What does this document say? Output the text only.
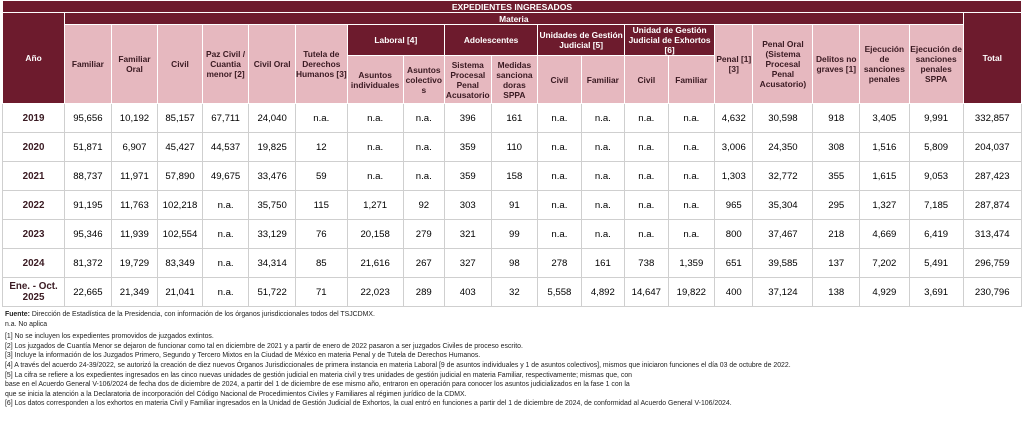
EXPEDIENTES INGRESADOS																				
Año	Materia																			Total
	Familiar	Familiar Oral	Civil	Paz Civil / Cuantia menor [2]	Civil Oral	Tutela de Derechos Humanos [3]	Laboral [4]		Adolescentes		Unidades de Gestión Judicial [5]		Unidad de Gestión Judicial de Exhortos [6]		Penal [1][3]	Penal Oral (Sistema Procesal Penal Acusatorio)	Delitos no graves [1]	Ejecución de sanciones penales	Ejecución de sanciones penales SPPA	
							Asuntos individuales	Asuntos colectivo s	Sistema Procesal Penal Acusatorio	Medidas sanciona doras SPPA	Civil	Familiar	Civil	Familiar						

2019	95,656	10,192	85,157	67,711	24,040	n.a.	n.a.	n.a.	396	161	n.a.	n.a.	n.a.	n.a.	4,632	30,598	918	3,405	9,991	332,857
2020	51,871	6,907	45,427	44,537	19,825	12	n.a.	n.a.	359	110	n.a.	n.a.	n.a.	n.a.	3,006	24,350	308	1,516	5,809	204,037
2021	88,737	11,971	57,890	49,675	33,476	59	n.a.	n.a.	359	158	n.a.	n.a.	n.a.	n.a.	1,303	32,772	355	1,615	9,053	287,423
2022	91,195	11,763	102,218	n.a.	35,750	115	1,271	92	303	91	n.a.	n.a.	n.a.	n.a.	965	35,304	295	1,327	7,185	287,874
2023	95,346	11,939	102,554	n.a.	33,129	76	20,158	279	321	99	n.a.	n.a.	n.a.	n.a.	800	37,467	218	4,669	6,419	313,474
2024	81,372	19,729	83,349	n.a.	34,314	85	21,616	267	327	98	278	161	738	1,359	651	39,585	137	7,202	5,491	296,759
Ene. - Oct. 2025	22,665	21,349	21,041	n.a.	51,722	71	22,023	289	403	32	5,558	4,892	14,647	19,822	400	37,124	138	4,929	3,691	230,796
Fuente: Dirección de Estadística de la Presidencia, con información de los órganos jurisdiccionales todos del TSJCDMX.
n.a. No aplica
[1] No se incluyen los expedientes promovidos de juzgados extintos.
[2] Los juzgados de Cuantía Menor se dejaron de funcionar como tal en diciembre de 2021 y a partir de enero de 2022 pasaron a ser juzgados Civiles de proceso escrito.
[3] Incluye la información de los Juzgados Primero, Segundo y Tercero Mixtos en la Ciudad de México en materia Penal y de Tutela de Derechos Humanos.
[4] A través del acuerdo 24-39/2022, se autorizó la creación de diez nuevos Órganos Jurisdiccionales de primera instancia en materia Laboral [9 de asuntos individuales y 1 de asuntos colectivos], mismos que iniciaron funciones el día 03 de octubre de 2022.
[5] La cifra se refiere a los expedientes ingresados en las cinco nuevas unidades de gestión judicial en materia civil y tres unidades de gestión judicial en materia Familiar, respectivamente; mismas que, con
base en el Acuerdo General V-106/2024 de fecha dos de diciembre de 2024, a partir del 1 de diciembre de ese mismo año, entraron en operación para conocer los asuntos judicializados en la fase 1 con la
que se inicia la atención a la Declaratoria de incorporación del Código Nacional de Procedimientos Civiles y Familiares al régimen jurídico de la CDMX.
[6] Los datos corresponden a los exhortos en materia Civil y Familiar ingresados en la Unidad de Gestión Judicial de Exhortos, la cual entró en funciones a partir del 1 de diciembre de 2024, de conformidad al Acuerdo General V-106/2024.
